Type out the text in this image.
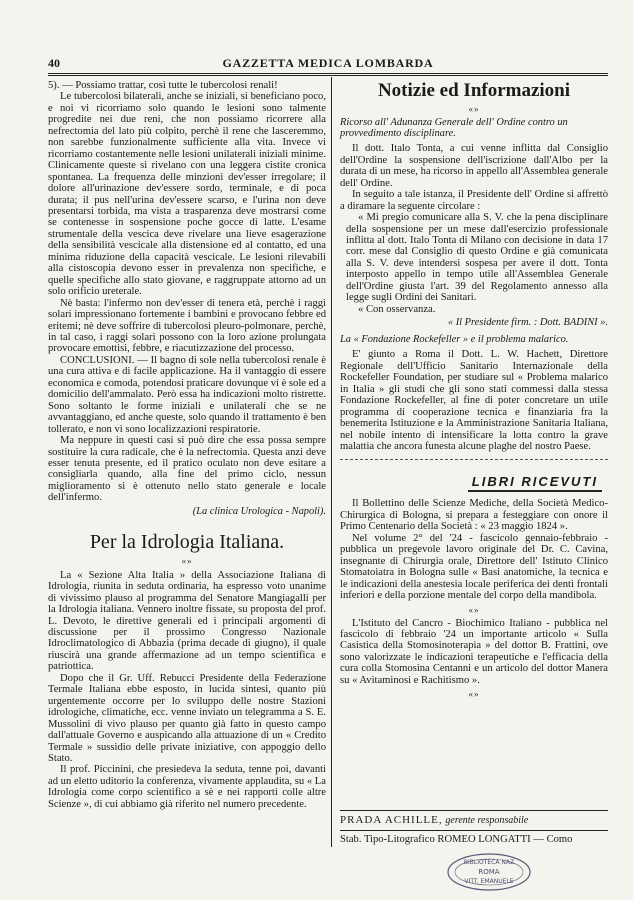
40	GAZZETTA MEDICA LOMBARDA

5). — Possiamo trattar, così tutte le tubercolosi renali!

Le tubercolosi bilaterali, anche se iniziali, si beneficiano poco, e noi vi ricorriamo solo quando le lesioni sono talmente progredite nei due reni, che non possiamo ricorrere alla nefrectomia del lato più colpito, perchè il rene che lasceremmo, non sarebbe funzionalmente sufficiente alla vita. Invece vi ricorriamo costantemente nelle lesioni unilaterali iniziali minime. Clinicamente queste si rivelano con una leggera cistite cronica spontanea. La frequenza delle minzioni dev'esser irregolare; il dolore all'urinazione dev'essere sordo, terminale, e di poca durata; il pus nell'urina dev'essere scarso, e l'urina non deve presentarsi torbida, ma vista a trasparenza deve mostrarsi come se contenesse in sospensione poche gocce di latte. L'esame strumentale della vescica deve rivelare una lieve esagerazione della sensibilità vescicale alla distensione ed al contatto, ed una minima riduzione della capacità vescicale. Le lesioni rilevabili alla cistoscopia devono esser in prevalenza non specifiche, e quelle specifiche allo stato giovane, e raggruppate attorno ad un solo orificio ureterale.

Nè basta: l'infermo non dev'esser di tenera età, perchè i raggi solari impressionano fortemente i bambini e provocano febbre ed eritemi; nè deve soffrire di tubercolosi pleuro-polmonare, perchè, in tal caso, i raggi solari possono con la loro azione prolungata provocare emottisi, febbre, e riacutizzazione del processo.

CONCLUSIONI. — Il bagno di sole nella tubercolosi renale è una cura attiva e di facile applicazione. Ha il vantaggio di essere economica e comoda, potendosi praticare dovunque vi è sole ed a domicilio dell'ammalato. Però essa ha indicazioni molto ristrette. Sono soltanto le forme iniziali e unilaterali che se ne avvantaggiano, ed anche queste, solo quando il trattamento è ben tollerato, e non vi sono localizzazioni respiratorie.

Ma neppure in questi casi si può dire che essa possa sempre sostituire la cura radicale, che è la nefrectomia. Questa anzi deve esser tenuta presente, ed il pratico oculato non deve esitare a consigliarla quando, alla fine del primo ciclo, nessun miglioramento si è ottenuto nello stato generale e locale dell'infermo.

(La clinica Urologica - Napoli).
Per la Idrologia Italiana.
«»

La « Sezione Alta Italia » della Associazione Italiana di Idrologia, riunita in seduta ordinaria, ha espresso voto unanime di vivissimo plauso al programma del Senatore Mangiagalli per la Idrologia italiana. Vennero inoltre fissate, su proposta del prof. L. Devoto, le direttive generali ed i principali argomenti di discussione per il prossimo Congresso Nazionale Idroclimatologico di Abbazia (prima decade di giugno), il quale riuscirà una grande affermazione ad un tempo scientifica e patriottica.

Dopo che il Gr. Uff. Rebucci Presidente della Federazione Termale Italiana ebbe esposto, in lucida sintesi, quanto più urgentemente occorre per lo sviluppo delle nostre Stazioni idrologiche, climatiche, ecc. venne inviato un telegramma a S. E. Mussolini di vivo plauso per quanto già fatto in questo campo dall'attuale Governo e auspicando alla attuazione di un « Credito Termale » sussidio delle private iniziative, con appoggio dello Stato.

Il prof. Piccinini, che presiedeva la seduta, tenne poi, davanti ad un eletto uditorio la conferenza, vivamente applaudita, su « La Idrologia come corpo scientifico a sè e nei rapporti colle altre Scienze », di cui abbiamo già riferito nel numero precedente.

Notizie ed Informazioni
«»
Ricorso all' Adunanza Generale dell' Ordine contro un provvedimento disciplinare.

Il dott. Italo Tonta, a cui venne inflitta dal Consiglio dell'Ordine la sospensione dell'iscrizione dall'Albo per la durata di un mese, ha ricorso in appello all'Assemblea generale dell' Ordine.

In seguito a tale istanza, il Presidente dell' Ordine si affrettò a diramare la seguente circolare :

« Mi pregio comunicare alla S. V. che la pena disciplinare della sospensione per un mese dall'esercizio professionale inflitta al dott. Italo Tonta di Milano con decisione in data 17 corr. mese dal Consiglio di questo Ordine e già comunicata alla S. V. deve intendersi sospesa per avere il dott. Tonta interposto appello in tempo utile all'Assemblea Generale dell'Ordine giusta l'art. 39 del Regolamento annesso alla legge sugli Ordini dei Sanitari.

« Con osservanza.

« Il Presidente firm. : Dott. BADINI ».
La « Fondazione Rockefeller » e il problema malarico.

E' giunto a Roma il Dott. L. W. Hachett, Direttore Regionale dell'Ufficio Sanitario Internazionale della Rockefeller Foundation, per studiare sul « Problema malarico in Italia » gli studi che gli sono stati commessi dalla stessa Fondazione Rockefeller, al fine di poter concretare un utile programma di cooperazione tecnica e finanziaria fra la benemerita Istituzione e la Amministrazione Sanitaria Italiana, nel nobile intento di intensificare la lotta contro la grave malattia che ancora funesta alcune plaghe del nostro Paese.

LIBRI RICEVUTI

Il Bollettino delle Scienze Mediche, della Società Medico-Chirurgica di Bologna, si prepara a festeggiare con onore il Primo Centenario della Società : « 23 maggio 1824 ».

Nel volume 2° del '24 - fascicolo gennaio-febbraio - pubblica un pregevole lavoro originale del Dr. C. Cavina, insegnante di Chirurgia orale, Direttore dell' Istituto Clinico Stomatoiatra in Bologna sulle « Basi anatomiche, la tecnica e le indicazioni della anestesia locale periferica dei denti frontali inferiori e della porzione mentale del corpo della mandibola.

«»

L'Istituto del Cancro - Biochimico Italiano - pubblica nel fascicolo di febbraio '24 un importante articolo « Sulla Casistica della Stomosinoterapia » del dottor B. Frattini, ove sono valorizzate le indicazioni terapeutiche e l'efficacia della cura colla Stomosina Centanni e un articolo del dottor Manera su « Avitaminosi e Rachitismo ».

«»
PRADA ACHILLE, gerente responsabile
Stab. Tipo-Litografico ROMEO LONGATTI — Como
BIBLIOTECA NAZ
ROMA
VITT. EMANUELE
